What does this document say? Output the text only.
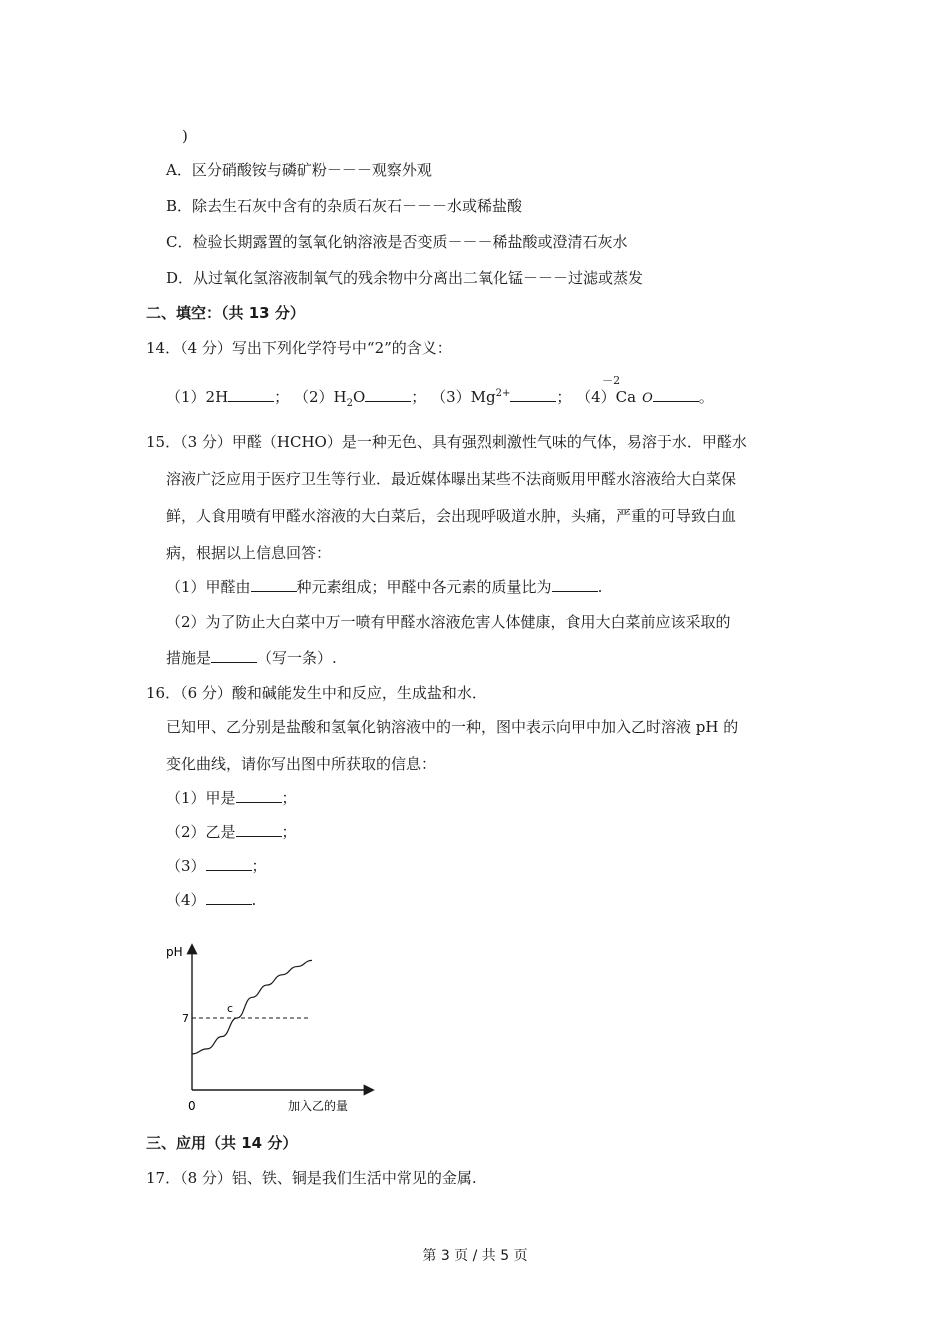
)
A．区分硝酸铵与磷矿粉－－－观察外观
B．除去生石灰中含有的杂质石灰石－－－水或稀盐酸
C．检验长期露置的氢氧化钠溶液是否变质－－－稀盐酸或澄清石灰水
D．从过氧化氢溶液制氧气的残余物中分离出二氧化锰－－－过滤或蒸发
二、填空：（共 13 分）
14．（4 分）写出下列化学符号中“2”的含义：
（1）2H	； $(2)H_2O$	； $(3)Mg^{2+}$	； （4）Ca
－2
O	。
15．（3 分）甲醛（HCHO）是一种无色、具有强烈刺激性气味的气体，易溶于水．甲醛水
溶液广泛应用于医疗卫生等行业．最近媒体曝出某些不法商贩用甲醛水溶液给大白菜保
鲜，人食用喷有甲醛水溶液的大白菜后，会出现呼吸道水肿，头痛，严重的可导致白血
病，根据以上信息回答：
（1）甲醛由	种元素组成；甲醛中各元素的质量比为	.
（2）为了防止大白菜中万一喷有甲醛水溶液危害人体健康，食用大白菜前应该采取的
措施是	（写一条）.
16．（6 分）酸和碱能发生中和反应，生成盐和水．
已知甲、乙分别是盐酸和氢氧化钠溶液中的一种，图中表示向甲中加入乙时溶液 pH 的
变化曲线，请你写出图中所获取的信息：
（1）甲是	；
（2）乙是	；
（3）	；
（4）	.
pH
加入乙的量
0
7
c
三、应用（共 14 分）
17．（8 分）铝、铁、铜是我们生活中常见的金属.
第 3 页 / 共 5 页
